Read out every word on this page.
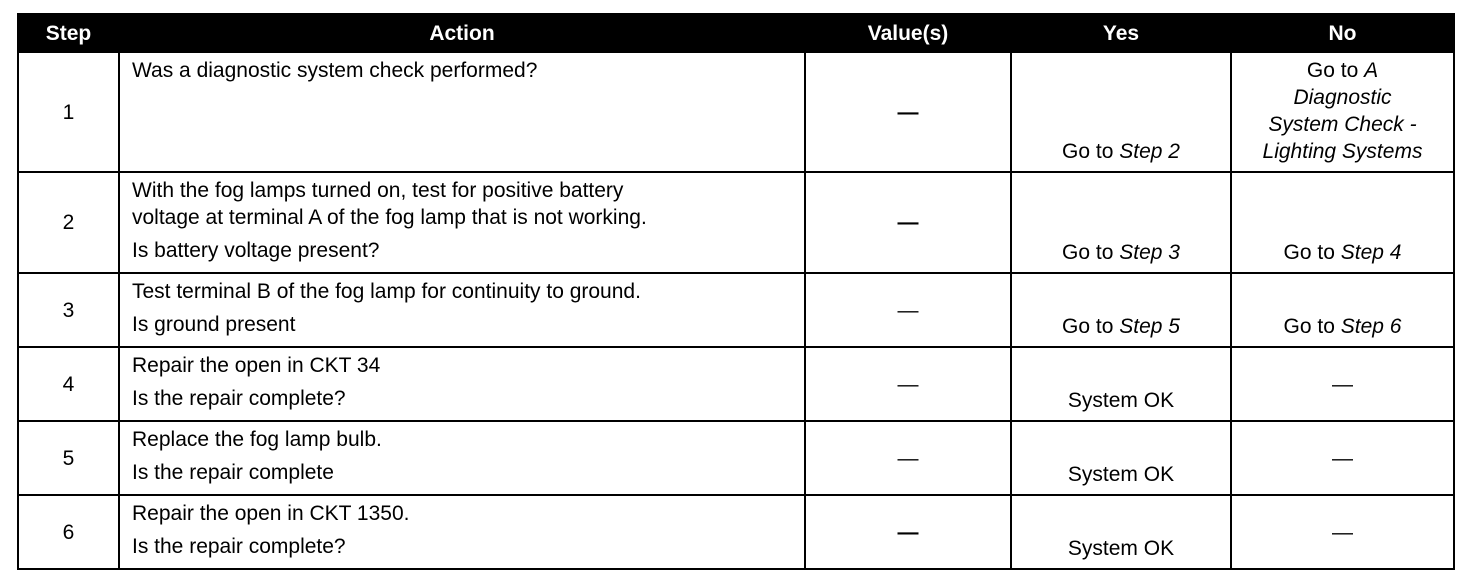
Step	Action	Value(s)	Yes	No
1	Was a diagnostic system check performed?	—	Go to Step 2	Go to A
Diagnostic
System Check -
Lighting Systems

2	With the fog lamps turned on, test for positive battery
voltage at terminal A of the fog lamp that is not working.
Is battery voltage present?	—	Go to Step 3	Go to Step 4
3	Test terminal B of the fog lamp for continuity to ground.
Is ground present	—	Go to Step 5	Go to Step 6
4	Repair the open in CKT 34
Is the repair complete?	—	System OK	—
5	Replace the fog lamp bulb.
Is the repair complete	—	System OK	—
6	Repair the open in CKT 1350.
Is the repair complete?	—	System OK	—
